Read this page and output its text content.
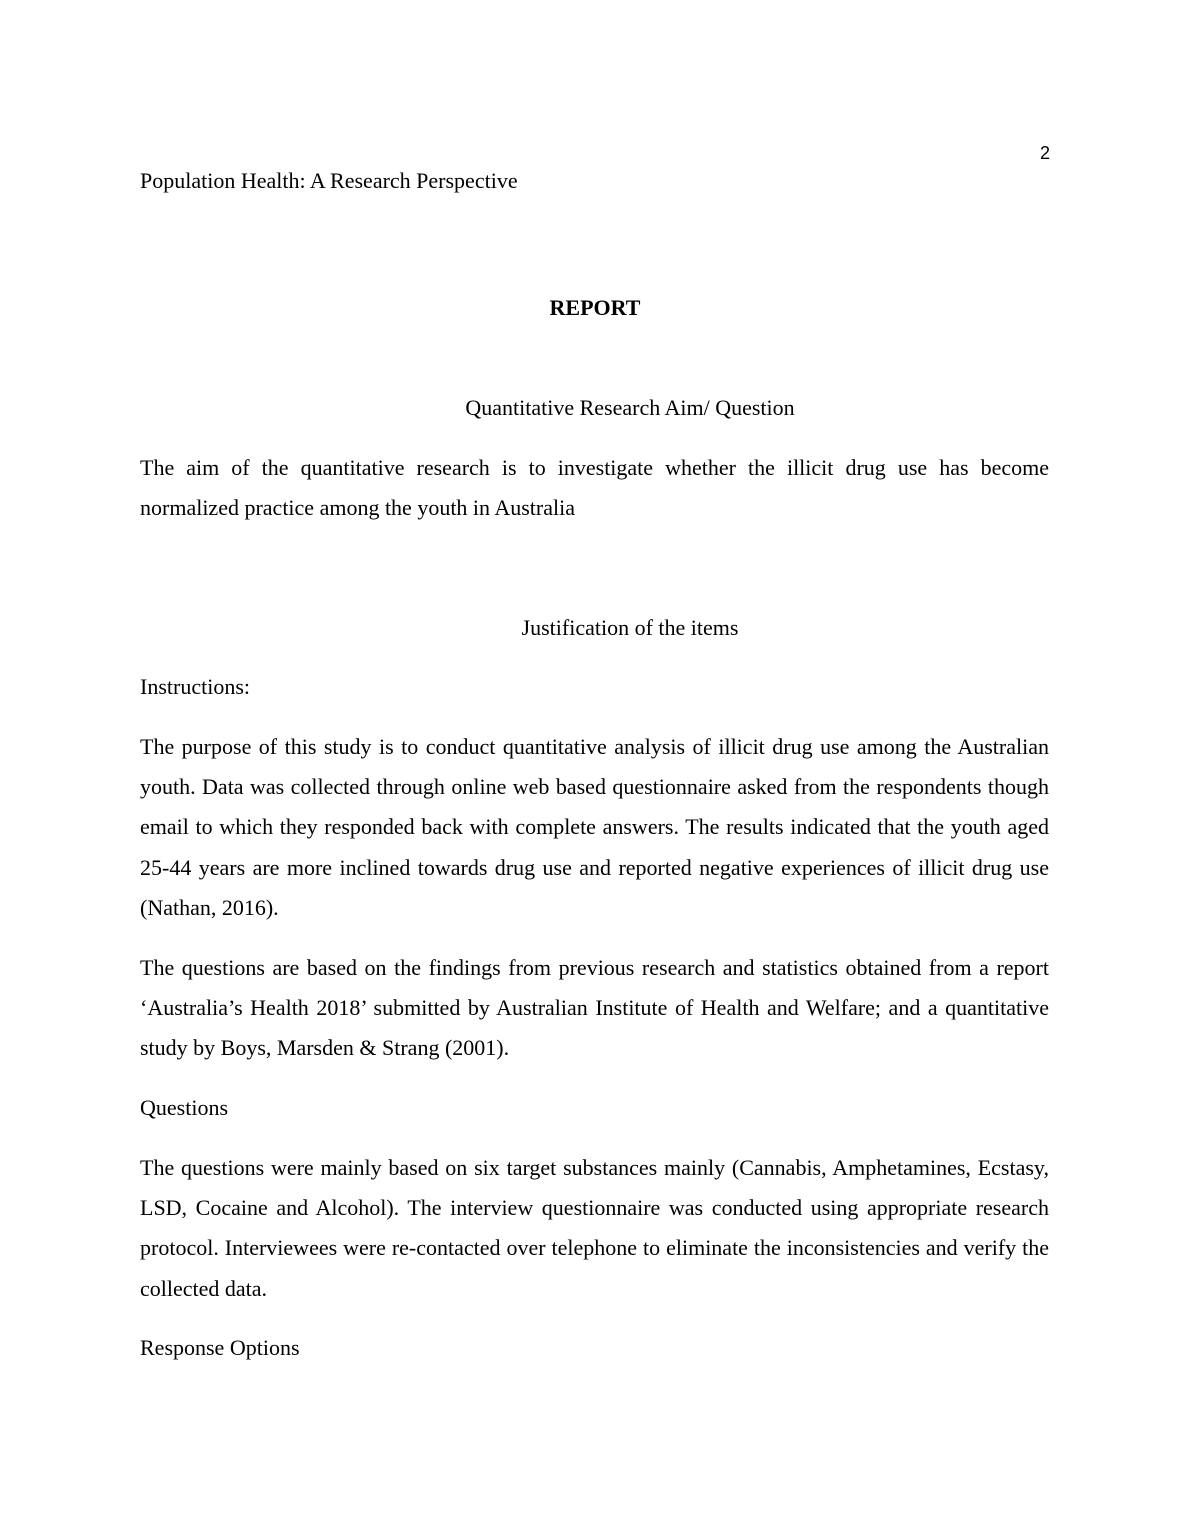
2
Population Health: A Research Perspective
REPORT
Quantitative Research Aim/ Question

The aim of the quantitative research is to investigate whether the illicit drug use has become normalized practice among the youth in Australia

Justification of the items
Instructions:

The purpose of this study is to conduct quantitative analysis of illicit drug use among the Australian youth. Data was collected through online web based questionnaire asked from the respondents though email to which they responded back with complete answers. The results indicated that the youth aged 25-44 years are more inclined towards drug use and reported negative experiences of illicit drug use (Nathan, 2016).

The questions are based on the findings from previous research and statistics obtained from a report ‘Australia’s Health 2018’ submitted by Australian Institute of Health and Welfare; and a quantitative study by Boys, Marsden & Strang (2001).

Questions

The questions were mainly based on six target substances mainly (Cannabis, Amphetamines, Ecstasy, LSD, Cocaine and Alcohol). The interview questionnaire was conducted using appropriate research protocol. Interviewees were re-contacted over telephone to eliminate the inconsistencies and verify the collected data.

Response Options
